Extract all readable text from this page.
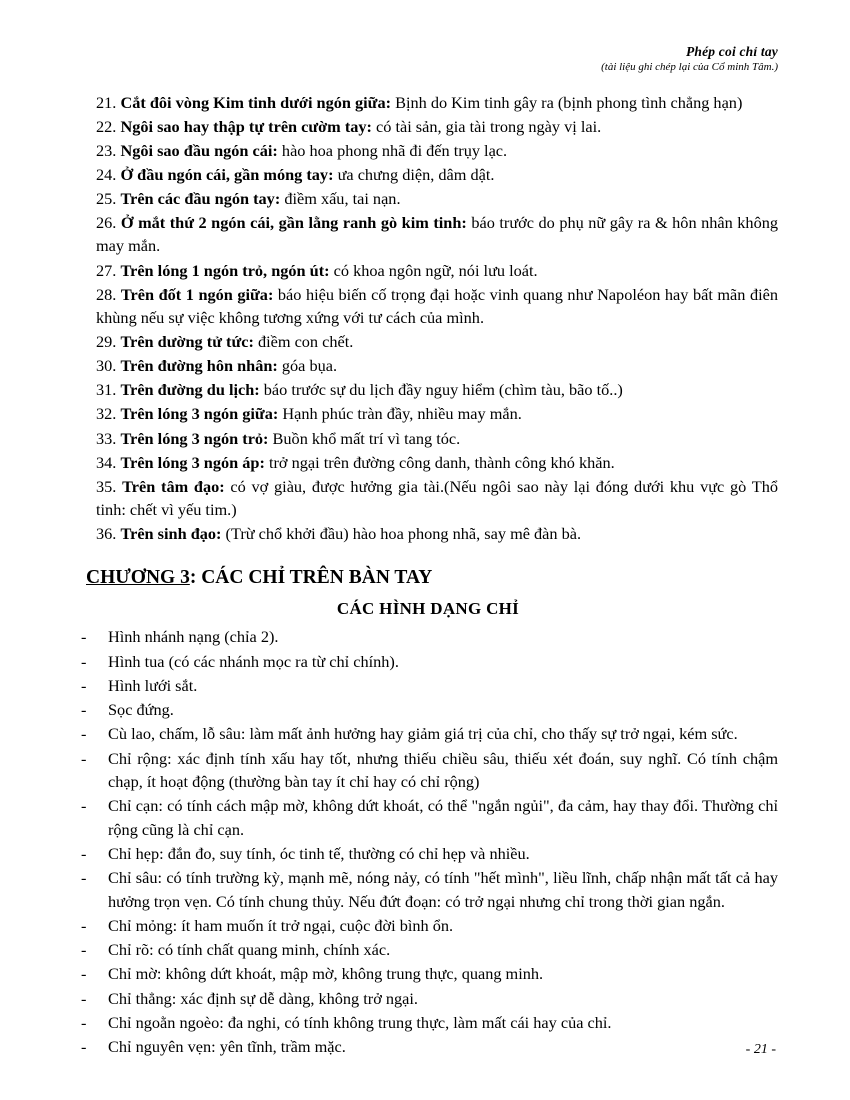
Phép coi chỉ tay
(tài liệu ghi chép lại của Cổ minh Tâm.)
21. Cắt đôi vòng Kim tinh dưới ngón giữa: Bịnh do Kim tinh gây ra (bịnh phong tình chẳng hạn)
22. Ngôi sao hay thập tự trên cườm tay: có tài sản, gia tài trong ngày vị lai.
23. Ngôi sao đầu ngón cái: hào hoa phong nhã đi đến trụy lạc.
24. Ở đầu ngón cái, gần móng tay: ưa chưng diện, dâm dật.
25. Trên các đầu ngón tay: điềm xấu, tai nạn.
26. Ở mắt thứ 2 ngón cái, gần lằng ranh gò kim tinh: báo trước do phụ nữ gây ra & hôn nhân không may mắn.
27. Trên lóng 1 ngón trỏ, ngón út: có khoa ngôn ngữ, nói lưu loát.
28. Trên đốt 1 ngón giữa: báo hiệu biến cố trọng đại hoặc vinh quang như Napoléon hay bất mãn điên khùng nếu sự việc không tương xứng với tư cách của mình.
29. Trên dường tử tức: điềm con chết.
30. Trên đường hôn nhân: góa bụa.
31. Trên đường du lịch: báo trước sự du lịch đầy nguy hiểm (chìm tàu, bão tố..)
32. Trên lóng 3 ngón giữa: Hạnh phúc tràn đầy, nhiều may mắn.
33. Trên lóng 3 ngón trỏ: Buồn khổ mất trí vì tang tóc.
34. Trên lóng 3 ngón áp: trở ngại trên đường công danh, thành công khó khăn.
35. Trên tâm đạo: có vợ giàu, được hưởng gia tài.(Nếu ngôi sao này lại đóng dưới khu vực gò Thổ tinh: chết vì yếu tim.)
36. Trên sinh đạo: (Trừ chổ khởi đầu) hào hoa phong nhã, say mê đàn bà.
CHƯƠNG 3: CÁC CHỈ TRÊN BÀN TAY
CÁC HÌNH DẠNG CHỈ
-	Hình nhánh nạng (chỉa 2).
-	Hình tua (có các nhánh mọc ra từ chỉ chính).
-	Hình lưới sắt.
-	Sọc đứng.
-	Cù lao, chấm, lỗ sâu: làm mất ảnh hưởng hay giảm giá trị của chỉ, cho thấy sự trở ngại, kém sức.
-	Chỉ rộng: xác định tính xấu hay tốt, nhưng thiếu chiều sâu, thiếu xét đoán, suy nghĩ. Có tính chậm chạp, ít hoạt động (thường bàn tay ít chỉ hay có chỉ rộng)
-	Chỉ cạn: có tính cách mập mờ, không dứt khoát, có thể "ngắn ngủi", đa cảm, hay thay đổi. Thường chỉ rộng cũng là chỉ cạn.
-	Chỉ hẹp: đắn đo, suy tính, óc tinh tế, thường có chỉ hẹp và nhiều.
-	Chỉ sâu: có tính trường kỳ, mạnh mẽ, nóng nảy, có tính "hết mình", liều lĩnh, chấp nhận mất tất cả hay hưởng trọn vẹn. Có tính chung thủy. Nếu đứt đoạn: có trở ngại nhưng chỉ trong thời gian ngắn.
-	Chỉ mỏng: ít ham muốn ít trở ngại, cuộc đời bình ổn.
-	Chỉ rõ: có tính chất quang minh, chính xác.
-	Chỉ mờ: không dứt khoát, mập mờ, không trung thực, quang minh.
-	Chỉ thẳng: xác định sự dễ dàng, không trở ngại.
-	Chỉ ngoằn ngoèo: đa nghi, có tính không trung thực, làm mất cái hay của chỉ.
-	Chỉ nguyên vẹn: yên tĩnh, trầm mặc.	- 21 -
